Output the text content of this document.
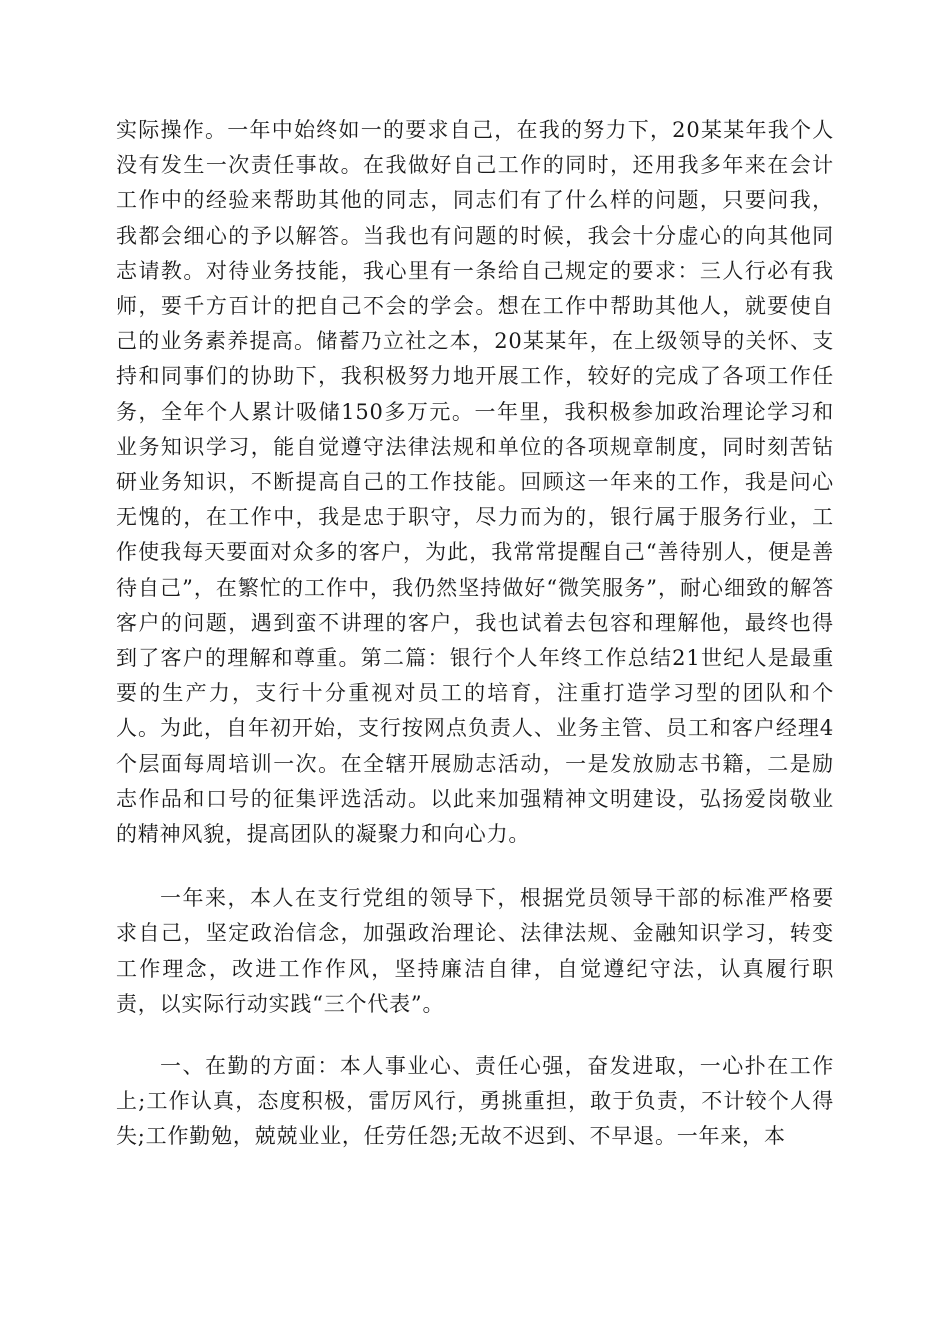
实际操作。一年中始终如一的要求自己，在我的努力下，20某某年我个人没有发生一次责任事故。在我做好自己工作的同时，还用我多年来在会计工作中的经验来帮助其他的同志，同志们有了什么样的问题，只要问我，我都会细心的予以解答。当我也有问题的时候，我会十分虚心的向其他同志请教。对待业务技能，我心里有一条给自己规定的要求：三人行必有我师，要千方百计的把自己不会的学会。想在工作中帮助其他人，就要使自己的业务素养提高。储蓄乃立社之本，20某某年，在上级领导的关怀、支持和同事们的协助下，我积极努力地开展工作，较好的完成了各项工作任务，全年个人累计吸储150多万元。一年里，我积极参加政治理论学习和业务知识学习，能自觉遵守法律法规和单位的各项规章制度，同时刻苦钻研业务知识，不断提高自己的工作技能。回顾这一年来的工作，我是问心无愧的，在工作中，我是忠于职守，尽力而为的，银行属于服务行业，工作使我每天要面对众多的客户，为此，我常常提醒自己“善待别人，便是善待自己”，在繁忙的工作中，我仍然坚持做好“微笑服务”，耐心细致的解答客户的问题，遇到蛮不讲理的客户，我也试着去包容和理解他，最终也得到了客户的理解和尊重。第二篇：银行个人年终工作总结21世纪人是最重要的生产力，支行十分重视对员工的培育，注重打造学习型的团队和个人。为此，自年初开始，支行按网点负责人、业务主管、员工和客户经理4个层面每周培训一次。在全辖开展励志活动，一是发放励志书籍，二是励志作品和口号的征集评选活动。以此来加强精神文明建设，弘扬爱岗敬业的精神风貌，提高团队的凝聚力和向心力。

一年来，本人在支行党组的领导下，根据党员领导干部的标准严格要求自己，坚定政治信念，加强政治理论、法律法规、金融知识学习，转变工作理念，改进工作作风，坚持廉洁自律，自觉遵纪守法，认真履行职责，以实际行动实践“三个代表”。

一、在勤的方面：本人事业心、责任心强，奋发进取，一心扑在工作上;工作认真，态度积极，雷厉风行，勇挑重担，敢于负责，不计较个人得失;工作勤勉，兢兢业业，任劳任怨;无故不迟到、不早退。一年来，本
